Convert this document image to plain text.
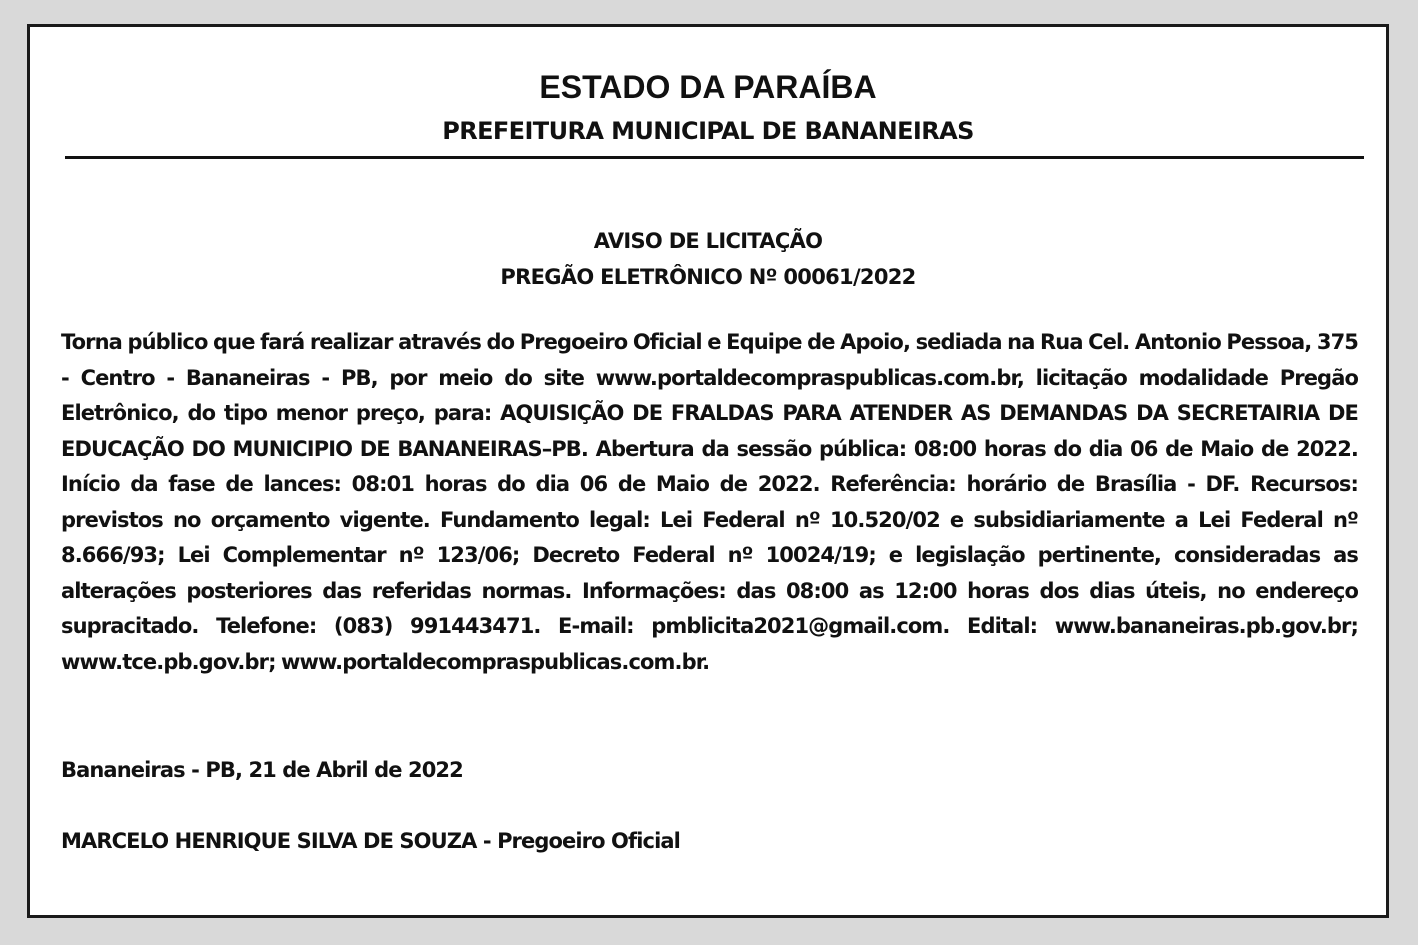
ESTADO DA PARAÍBA
PREFEITURA MUNICIPAL DE BANANEIRAS
AVISO DE LICITAÇÃO
PREGÃO ELETRÔNICO Nº 00061/2022

Torna público que fará realizar através do Pregoeiro Oficial e Equipe de Apoio, sediada na Rua Cel. Antonio Pessoa, 375 - Centro - Bananeiras - PB, por meio do site www.portaldecompraspublicas.com.br, licitação modalidade Pregão Eletrônico, do tipo menor preço, para: AQUISIÇÃO DE FRALDAS PARA ATENDER AS DEMANDAS DA SECRETAIRIA DE EDUCAÇÃO DO MUNICIPIO DE BANANEIRAS–PB. Abertura da sessão pública: 08:00 horas do dia 06 de Maio de 2022. Início da fase de lances: 08:01 horas do dia 06 de Maio de 2022. Referência: horário de Brasília - DF. Recursos: previstos no orçamento vigente. Fundamento legal: Lei Federal nº 10.520/02 e subsidiariamente a Lei Federal nº 8.666/93; Lei Complementar nº 123/06; Decreto Federal nº 10024/19; e legislação pertinente, consideradas as alterações posteriores das referidas normas. Informações: das 08:00 as 12:00 horas dos dias úteis, no endereço supracitado. Telefone: (083) 991443471. E-mail: pmblicita2021@gmail.com. Edital: www.bananeiras.pb.gov.br; www.tce.pb.gov.br; www.portaldecompraspublicas.com.br.

Bananeiras - PB, 21 de Abril de 2022

MARCELO HENRIQUE SILVA DE SOUZA - Pregoeiro Oficial
